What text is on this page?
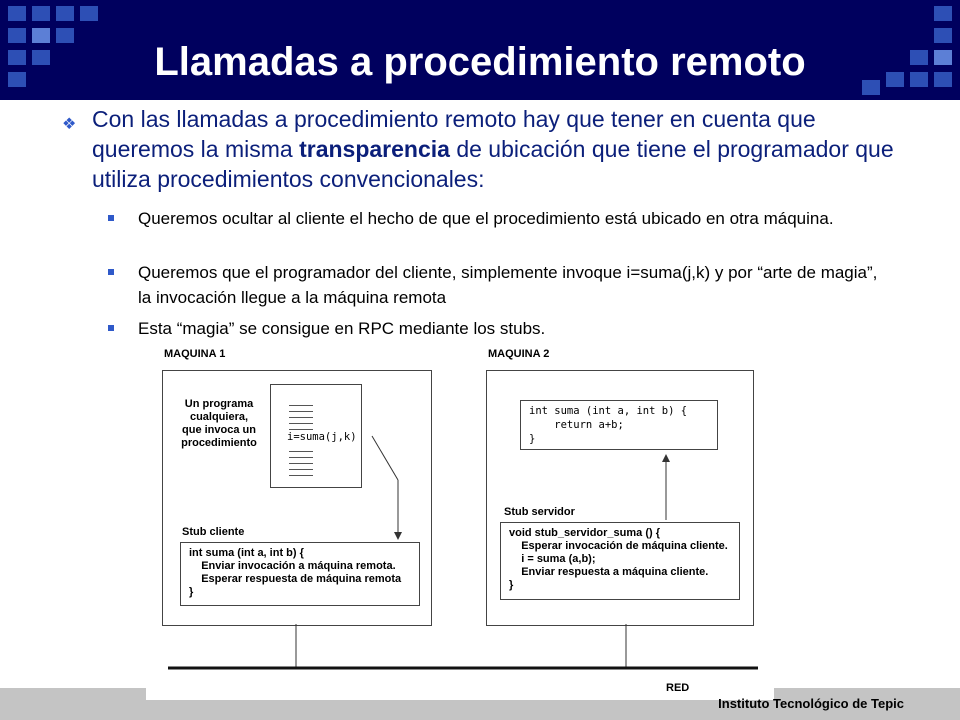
Llamadas a procedimiento remoto
❖ Con las llamadas a procedimiento remoto hay que tener en cuenta que queremos la misma transparencia de ubicación que tiene el programador que utiliza procedimientos convencionales:
Queremos ocultar al cliente el hecho de que el procedimiento está ubicado en otra máquina.
Queremos que el programador del cliente, simplemente invoque i=suma(j,k) y por “arte de magia”, la invocación llegue a la máquina remota
Esta “magia” se consigue en RPC mediante los stubs.
MAQUINA 1	MAQUINA 2
Un programa
cualquiera,
que invoca un
procedimiento	i=suma(j,k)
Stub cliente
int suma (int a, int b) {
Enviar invocación a máquina remota.
Esperar respuesta de máquina remota
}
int suma (int a, int b) {
return a+b;
}
Stub servidor
void stub_servidor_suma () {
Esperar invocación de máquina cliente.
i = suma (a,b);
Enviar respuesta a máquina cliente.
}
RED
Instituto Tecnológico de Tepic
